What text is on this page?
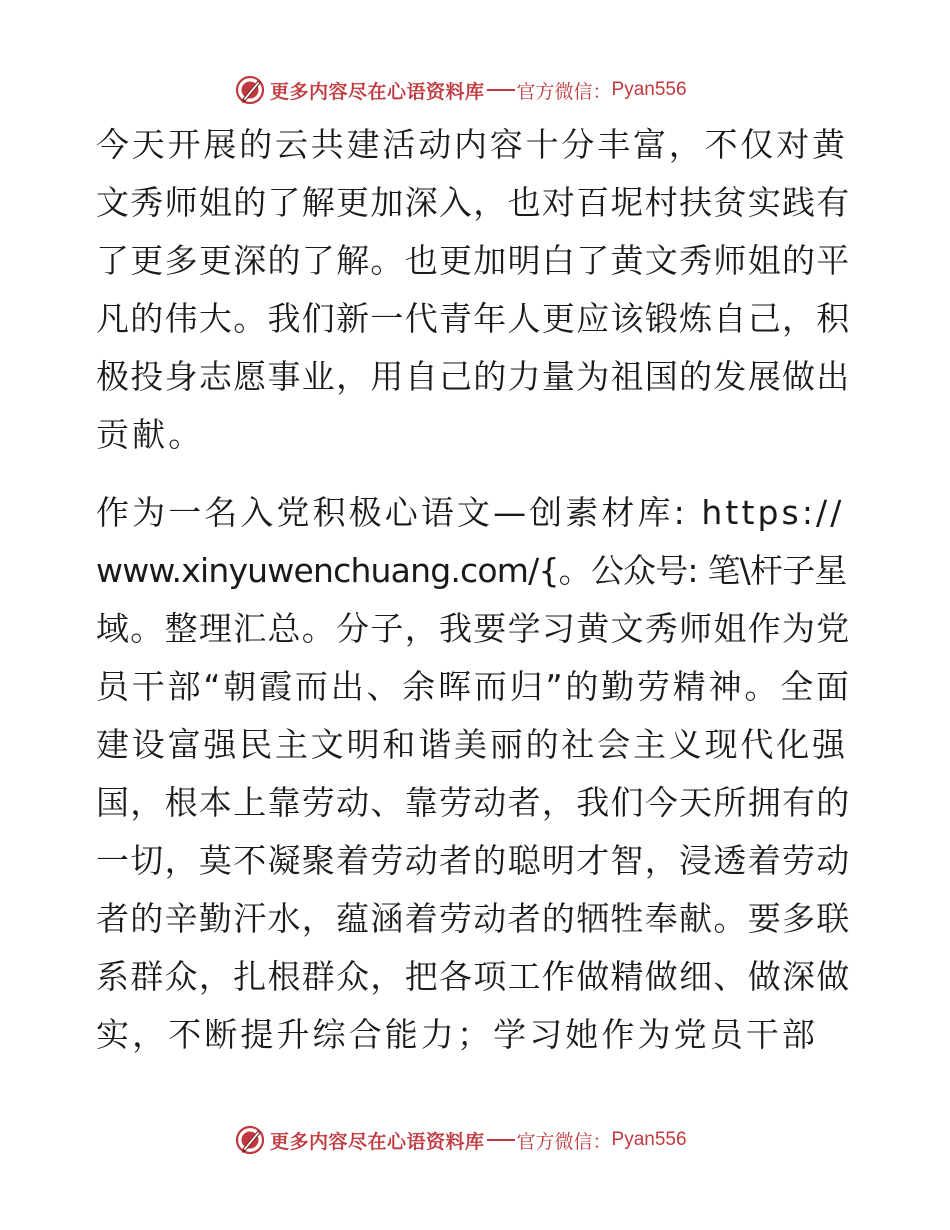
更多内容尽在心语资料库 官方微信： Pyan556
今天开展的云共建活动内容十分丰富，不仅对黄
文秀师姐的了解更加深入，也对百坭村扶贫实践有
了更多更深的了解。也更加明白了黄文秀师姐的平
凡的伟大。我们新一代青年人更应该锻炼自己，积
极投身志愿事业，用自己的力量为祖国的发展做出
贡献。
作为一名入党积极心语文—创素材库: https://
www.xinyuwenchuang.com/{。公众号: 笔\杆子星
域。整理汇总。分子，我要学习黄文秀师姐作为党
员干部“朝霞而出、余晖而归”的勤劳精神。全面
建设富强民主文明和谐美丽的社会主义现代化强
国，根本上靠劳动、靠劳动者，我们今天所拥有的
一切，莫不凝聚着劳动者的聪明才智，浸透着劳动
者的辛勤汗水，蕴涵着劳动者的牺牲奉献。要多联
系群众，扎根群众，把各项工作做精做细、做深做
实，不断提升综合能力；学习她作为党员干部
更多内容尽在心语资料库 官方微信： Pyan556
